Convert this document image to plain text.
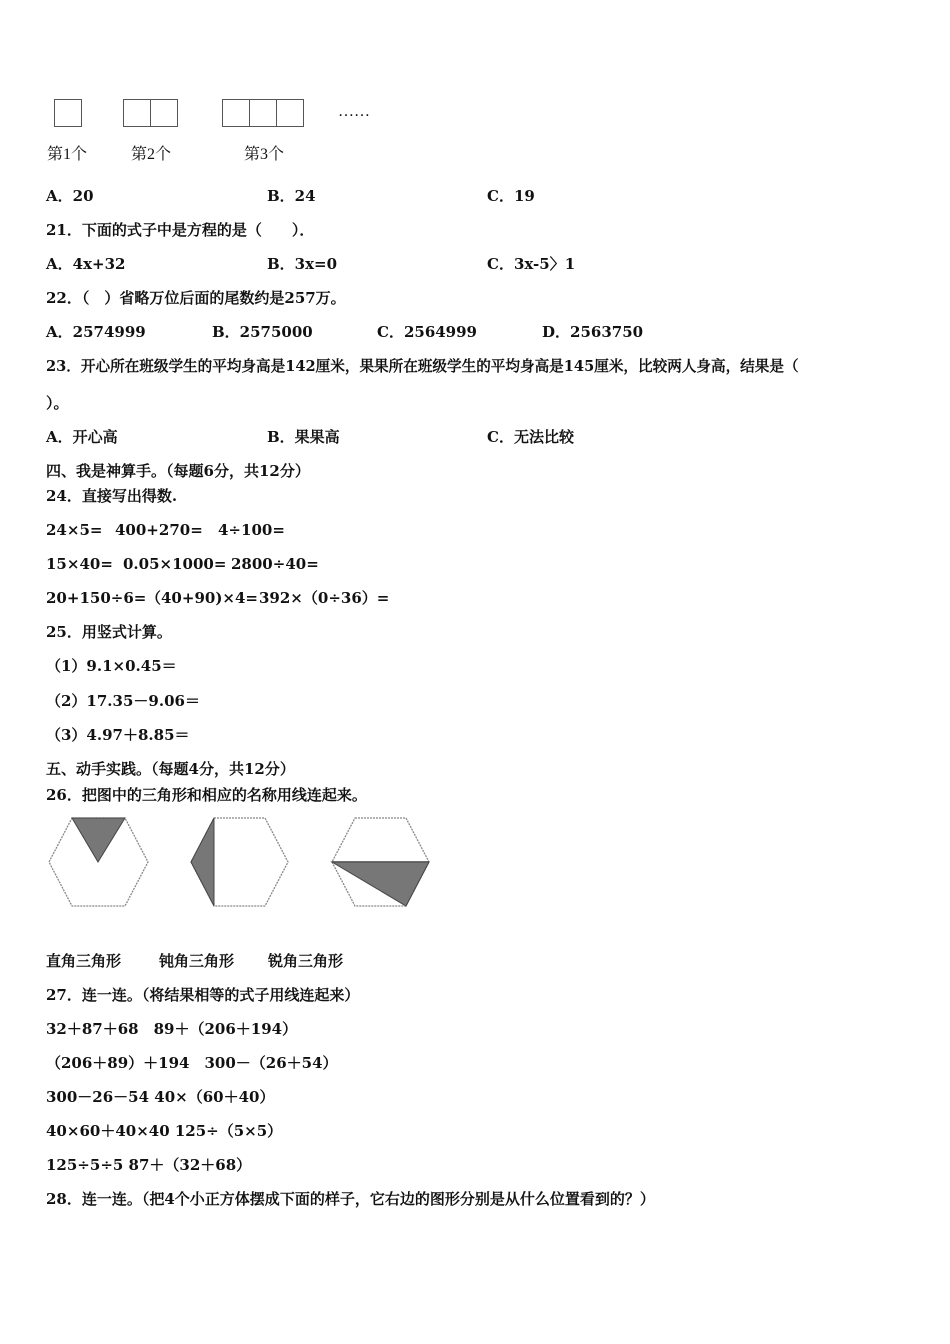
……
第1个	第2个	第3个
A．20	B．24	C．19
21．下面的式子中是方程的是（　　）．
A．4x+32	B．3x=0	C．3x-5〉1
22．（　）省略万位后面的尾数约是257万。
A．2574999	B．2575000	C．2564999	D．2563750
23．开心所在班级学生的平均身高是142厘米，果果所在班级学生的平均身高是145厘米，比较两人身高，结果是（
）。
A．开心高	B．果果高	C．无法比较
四、我是神算手。（每题6分，共12分）
24．直接写出得数.
24×5= 400+270= 4÷100=
15×40= 0.05×1000= 2800÷40=
20+150÷6= （40+90)×4= 392×（0÷36）=
25．用竖式计算。
（1）9.1×0.45＝
（2）17.35－9.06＝
（3）4.97＋8.85＝
五、动手实践。（每题4分，共12分）
26．把图中的三角形和相应的名称用线连起来。
直角三角形	钝角三角形 锐角三角形
27．连一连。（将结果相等的式子用线连起来）
32＋87＋68　89＋（206＋194）
（206＋89）＋194　300－（26＋54）
300－26－54 40×（60＋40）
40×60＋40×40 125÷（5×5）
125÷5÷5 87＋（32＋68）
28．连一连。（把4个小正方体摆成下面的样子，它右边的图形分别是从什么位置看到的？）
